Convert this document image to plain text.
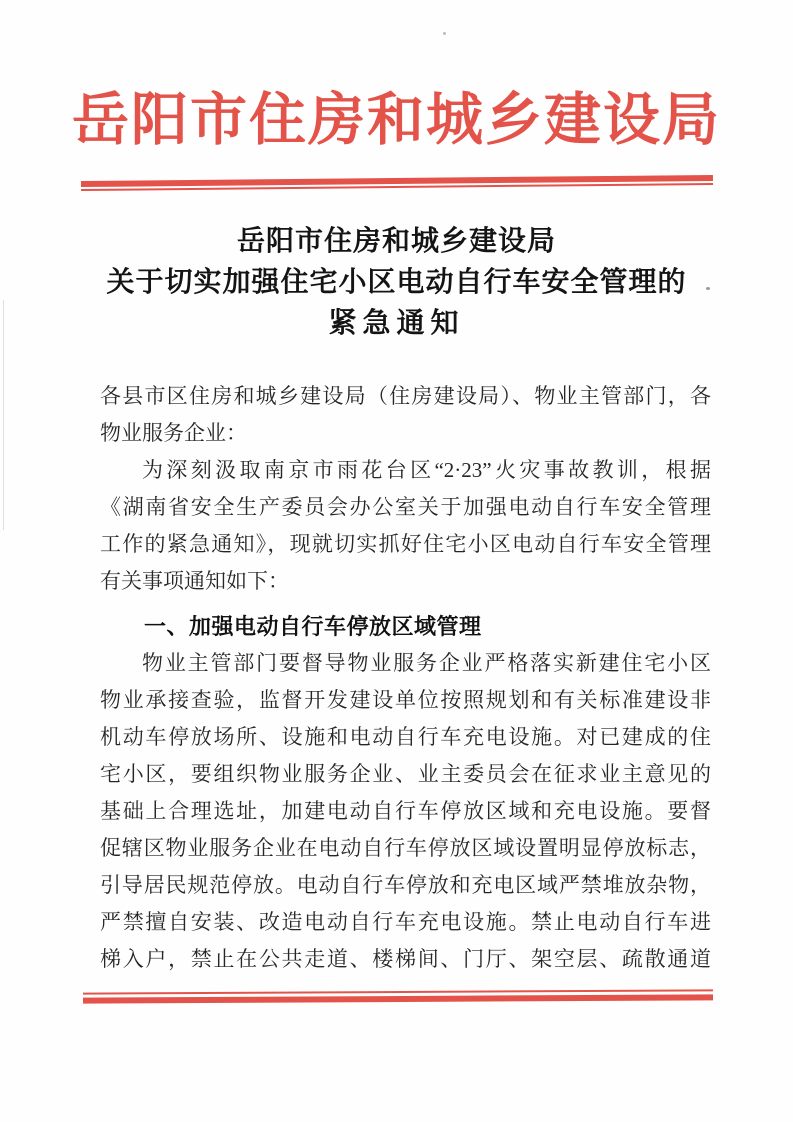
岳阳市住房和城乡建设局
岳阳市住房和城乡建设局
关于切实加强住宅小区电动自行车安全管理的
紧急通知
各县市区住房和城乡建设局（住房建设局）、物业主管部门，各
物业服务企业：
为深刻汲取南京市雨花台区“2·23”火灾事故教训，根据
《湖南省安全生产委员会办公室关于加强电动自行车安全管理
工作的紧急通知》，现就切实抓好住宅小区电动自行车安全管理
有关事项通知如下：
一、加强电动自行车停放区域管理
物业主管部门要督导物业服务企业严格落实新建住宅小区
物业承接查验，监督开发建设单位按照规划和有关标准建设非
机动车停放场所、设施和电动自行车充电设施。对已建成的住
宅小区，要组织物业服务企业、业主委员会在征求业主意见的
基础上合理选址，加建电动自行车停放区域和充电设施。要督
促辖区物业服务企业在电动自行车停放区域设置明显停放标志，
引导居民规范停放。电动自行车停放和充电区域严禁堆放杂物，
严禁擅自安装、改造电动自行车充电设施。禁止电动自行车进
梯入户，禁止在公共走道、楼梯间、门厅、架空层、疏散通道
